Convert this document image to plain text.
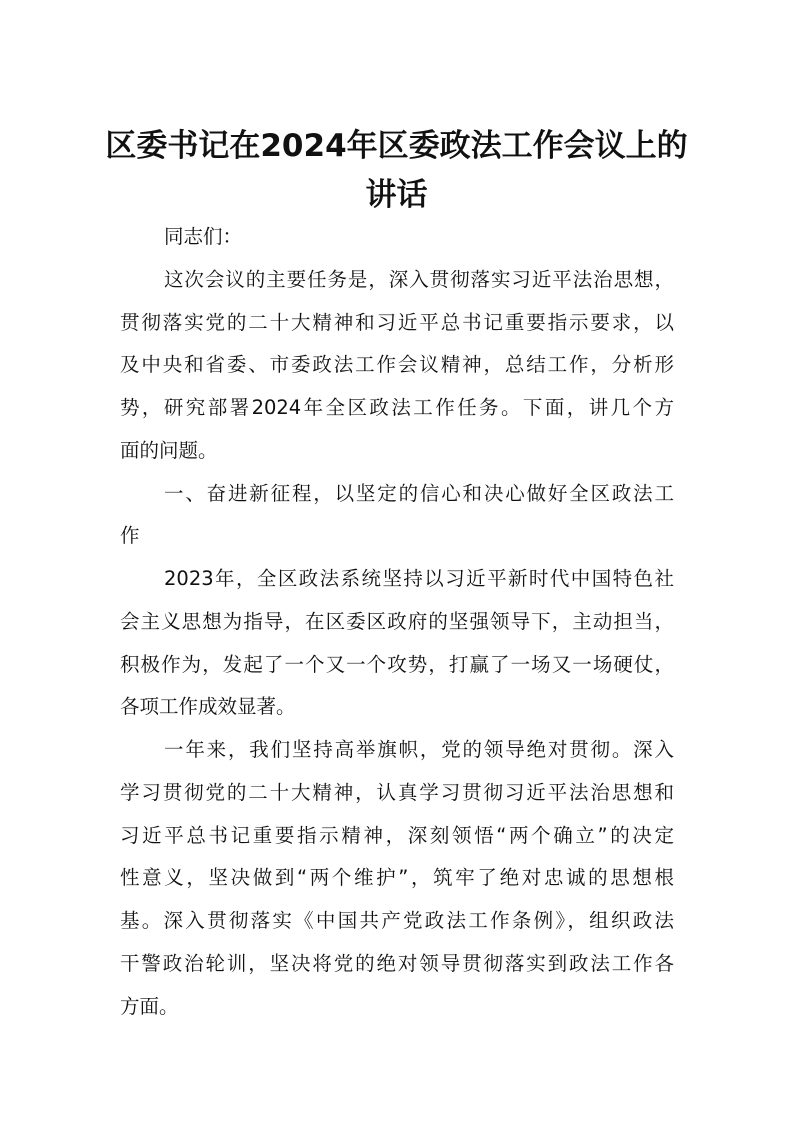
区委书记在2024年区委政法工作会议上的
讲话
同志们：
这次会议的主要任务是，深入贯彻落实习近平法治思想，
贯彻落实党的二十大精神和习近平总书记重要指示要求，以
及中央和省委、市委政法工作会议精神，总结工作，分析形
势，研究部署2024年全区政法工作任务。下面，讲几个方
面的问题。
一、奋进新征程，以坚定的信心和决心做好全区政法工
作
2023年，全区政法系统坚持以习近平新时代中国特色社
会主义思想为指导，在区委区政府的坚强领导下，主动担当，
积极作为，发起了一个又一个攻势，打赢了一场又一场硬仗，
各项工作成效显著。
一年来，我们坚持高举旗帜，党的领导绝对贯彻。深入
学习贯彻党的二十大精神，认真学习贯彻习近平法治思想和
习近平总书记重要指示精神，深刻领悟“两个确立”的决定
性意义，坚决做到“两个维护”，筑牢了绝对忠诚的思想根
基。深入贯彻落实《中国共产党政法工作条例》，组织政法
干警政治轮训，坚决将党的绝对领导贯彻落实到政法工作各
方面。
